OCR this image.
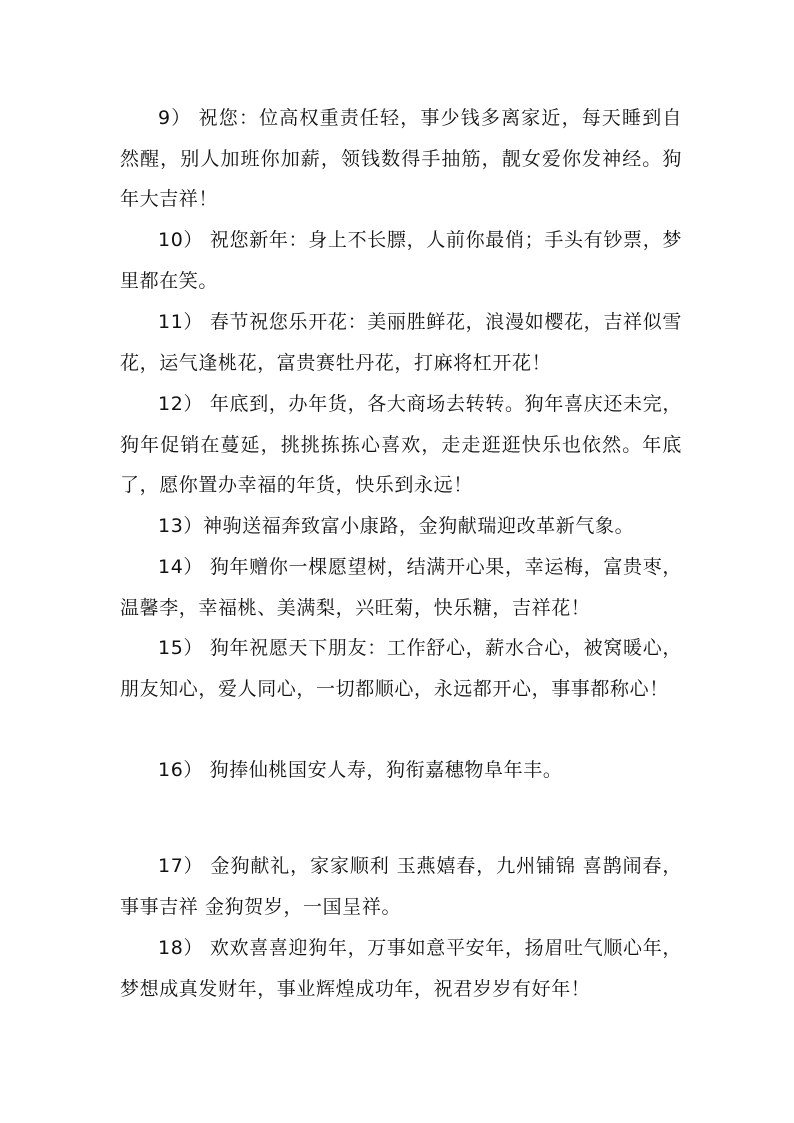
9） 祝您：位高权重责任轻，事少钱多离家近，每天睡到自然醒，别人加班你加薪，领钱数得手抽筋，靓女爱你发神经。狗年大吉祥！

10） 祝您新年：身上不长膘，人前你最俏；手头有钞票，梦里都在笑。

11） 春节祝您乐开花：美丽胜鲜花，浪漫如樱花，吉祥似雪花，运气逢桃花，富贵赛牡丹花，打麻将杠开花！

12） 年底到，办年货，各大商场去转转。狗年喜庆还未完，狗年促销在蔓延，挑挑拣拣心喜欢，走走逛逛快乐也依然。年底了，愿你置办幸福的年货，快乐到永远！

13）神驹送福奔致富小康路，金狗献瑞迎改革新气象。

14） 狗年赠你一棵愿望树，结满开心果，幸运梅，富贵枣，温馨李，幸福桃、美满梨，兴旺菊，快乐糖，吉祥花！

15） 狗年祝愿天下朋友：工作舒心，薪水合心，被窝暖心，朋友知心，爱人同心，一切都顺心，永远都开心，事事都称心！

16） 狗捧仙桃国安人寿，狗衔嘉穗物阜年丰。

17） 金狗献礼，家家顺利 玉燕嬉春，九州铺锦 喜鹊闹春，事事吉祥 金狗贺岁，一国呈祥。

18） 欢欢喜喜迎狗年，万事如意平安年，扬眉吐气顺心年，梦想成真发财年，事业辉煌成功年，祝君岁岁有好年！
